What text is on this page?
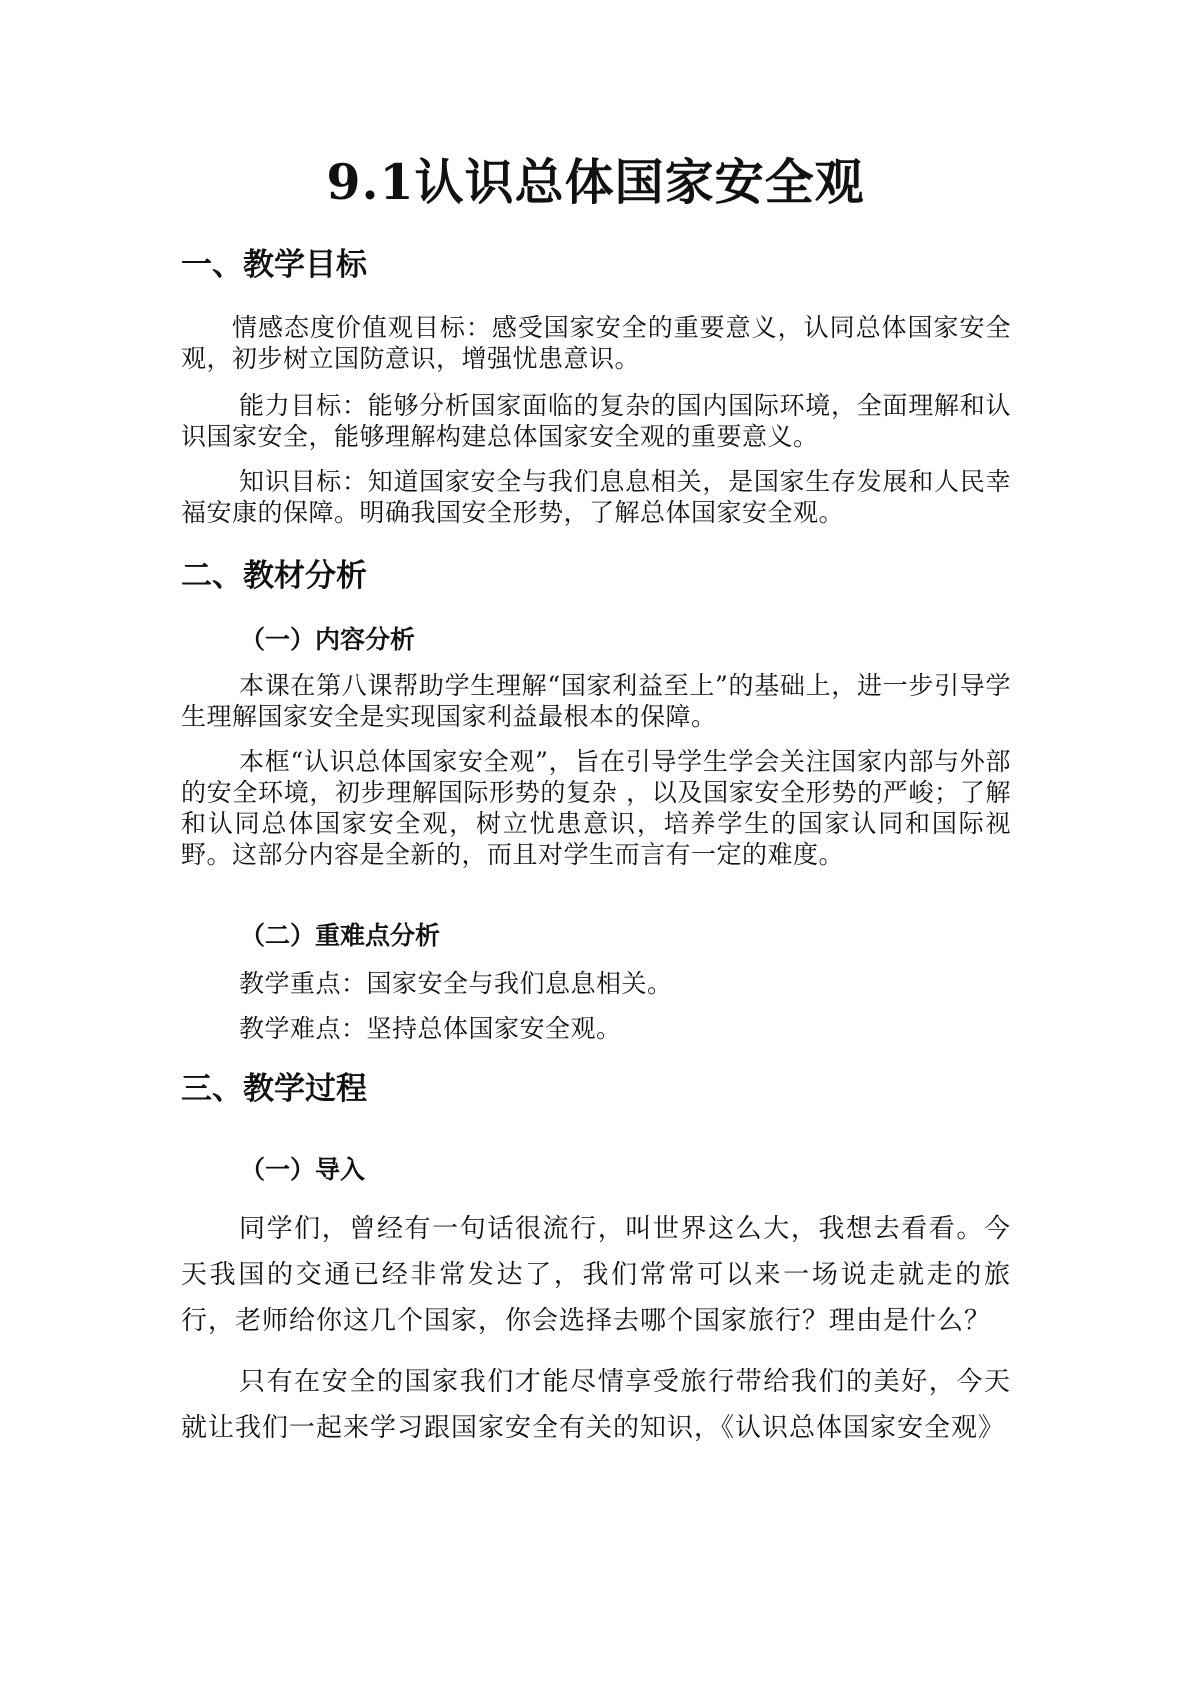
9.1认识总体国家安全观
一、教学目标
情感态度价值观目标：感受国家安全的重要意义，认同总体国家安全观，初步树立国防意识，增强忧患意识。
能力目标：能够分析国家面临的复杂的国内国际环境，全面理解和认识国家安全，能够理解构建总体国家安全观的重要意义。
知识目标：知道国家安全与我们息息相关，是国家生存发展和人民幸福安康的保障。明确我国安全形势，了解总体国家安全观。
二、教材分析
（一）内容分析
本课在第八课帮助学生理解“国家利益至上”的基础上，进一步引导学生理解国家安全是实现国家利益最根本的保障。
本框“认识总体国家安全观”，旨在引导学生学会关注国家内部与外部的安全环境，初步理解国际形势的复杂 ，以及国家安全形势的严峻；了解和认同总体国家安全观，树立忧患意识，培养学生的国家认同和国际视野。这部分内容是全新的，而且对学生而言有一定的难度。
（二）重难点分析
教学重点：国家安全与我们息息相关。
教学难点：坚持总体国家安全观。
三、教学过程
（一）导入
同学们，曾经有一句话很流行，叫世界这么大，我想去看看。今天我国的交通已经非常发达了，我们常常可以来一场说走就走的旅行，老师给你这几个国家，你会选择去哪个国家旅行？理由是什么？
只有在安全的国家我们才能尽情享受旅行带给我们的美好，今天就让我们一起来学习跟国家安全有关的知识，《认识总体国家安全观》
